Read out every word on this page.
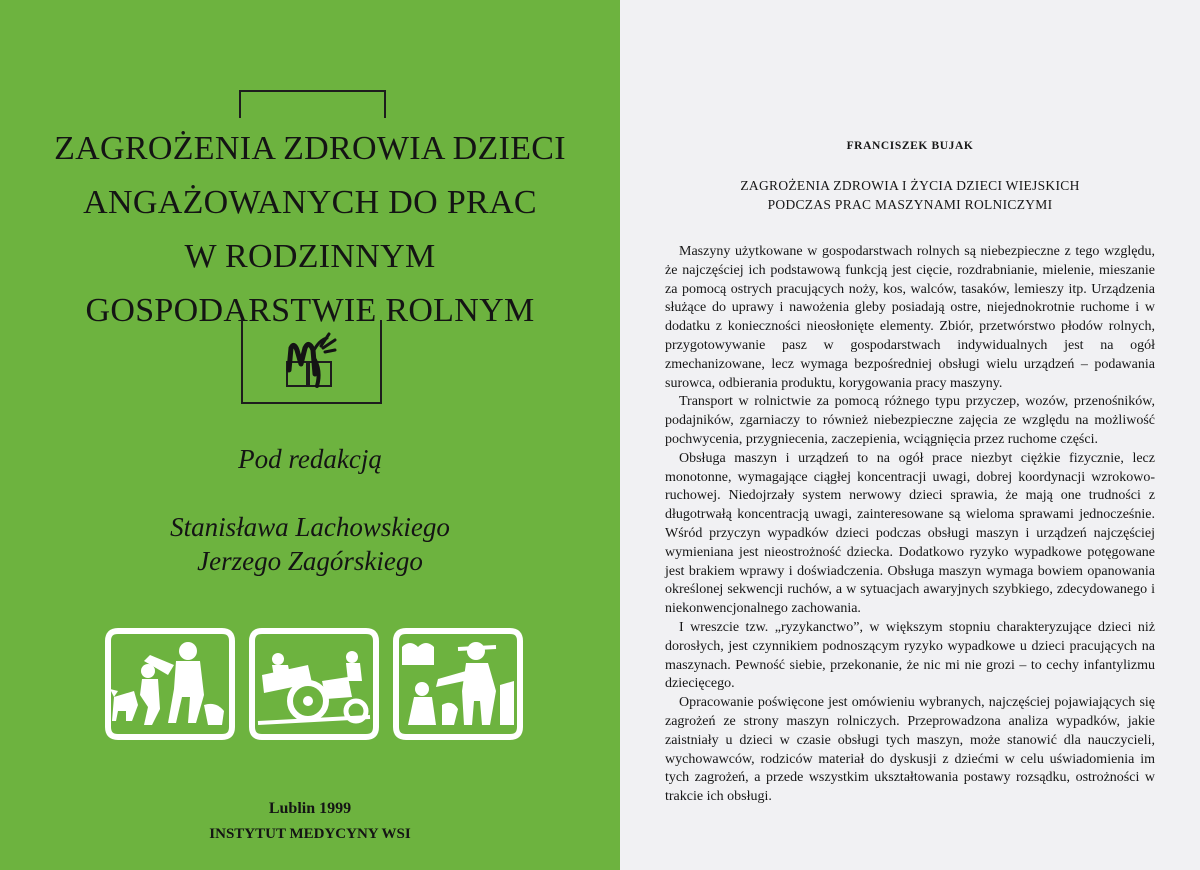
ZAGROŻENIA ZDROWIA DZIECI
ANGAŻOWANYCH DO PRAC
W RODZINNYM
GOSPODARSTWIE ROLNYM
Pod redakcją
Stanisława Lachowskiego
Jerzego Zagórskiego
Lublin 1999
INSTYTUT MEDYCYNY WSI
FRANCISZEK BUJAK
ZAGROŻENIA ZDROWIA I ŻYCIA DZIECI WIEJSKICH
PODCZAS PRAC MASZYNAMI ROLNICZYMI

Maszyny użytkowane w gospodarstwach rolnych są niebezpieczne z tego względu, że najczęściej ich podstawową funkcją jest cięcie, rozdrabnianie, mielenie, mieszanie za pomocą ostrych pracujących noży, kos, walców, tasaków, lemieszy itp. Urządzenia służące do uprawy i nawożenia gleby posiadają ostre, niejednokrotnie ruchome i w dodatku z konieczności nieosłonięte elementy. Zbiór, przetwórstwo płodów rolnych, przygotowywanie pasz w gospodarstwach indywidualnych jest na ogół zmechanizowane, lecz wymaga bezpośredniej obsługi wielu urządzeń – podawania surowca, odbierania produktu, korygowania pracy maszyny.

Transport w rolnictwie za pomocą różnego typu przyczep, wozów, przenośników, podajników, zgarniaczy to również niebezpieczne zajęcia ze względu na możliwość pochwycenia, przygniecenia, zaczepienia, wciągnięcia przez ruchome części.

Obsługa maszyn i urządzeń to na ogół prace niezbyt ciężkie fizycznie, lecz monotonne, wymagające ciągłej koncentracji uwagi, dobrej koordynacji wzrokowo-ruchowej. Niedojrzały system nerwowy dzieci sprawia, że mają one trudności z długotrwałą koncentracją uwagi, zainteresowane są wieloma sprawami jednocześnie. Wśród przyczyn wypadków dzieci podczas obsługi maszyn i urządzeń najczęściej wymieniana jest nieostrożność dziecka. Dodatkowo ryzyko wypadkowe potęgowane jest brakiem wprawy i doświadczenia. Obsługa maszyn wymaga bowiem opanowania określonej sekwencji ruchów, a w sytuacjach awaryjnych szybkiego, zdecydowanego i niekonwencjonalnego zachowania.

I wreszcie tzw. „ryzykanctwo”, w większym stopniu charakteryzujące dzieci niż dorosłych, jest czynnikiem podnoszącym ryzyko wypadkowe u dzieci pracujących na maszynach. Pewność siebie, przekonanie, że nic mi nie grozi – to cechy infantylizmu dziecięcego.

Opracowanie poświęcone jest omówieniu wybranych, najczęściej pojawiających się zagrożeń ze strony maszyn rolniczych. Przeprowadzona analiza wypadków, jakie zaistniały u dzieci w czasie obsługi tych maszyn, może stanowić dla nauczycieli, wychowawców, rodziców materiał do dyskusji z dziećmi w celu uświadomienia im tych zagrożeń, a przede wszystkim ukształtowania postawy rozsądku, ostrożności w trakcie ich obsługi.
